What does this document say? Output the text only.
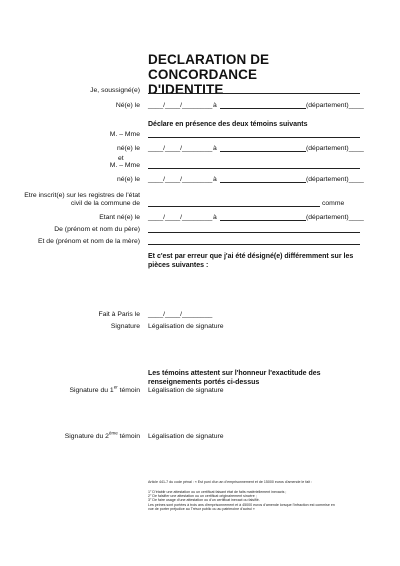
DECLARATION DE CONCORDANCE
D'IDENTITE
Je, soussigné(e)
Né(e) le ____/____/________ à	(département)____
Déclare en présence des deux témoins suivants
M. – Mme
né(e) le ____/____/________ à	(département)____
et
M. – Mme
né(e) le ____/____/________ à	(département)____
Etre inscrit(e) sur les registres de l'état
civil de la commune de	comme
Etant né(e) le ____/____/________ à	(département)____
De (prénom et nom du père)
Et de (prénom et nom de la mère)
Et c'est par erreur que j'ai été désigné(e) différemment sur les
pièces suivantes :
Fait à Paris le ____/____/________
Signature Légalisation de signature
Les témoins attestent sur l'honneur l'exactitude des
renseignements portés ci-dessus
Signature du 1er témoin Légalisation de signature
Signature du 2ème témoin Légalisation de signature
Article 441-7 du code pénal : « Est puni d'un an d'emprisonnement et de 15000 euros d'amende le fait :
1° D'établir une attestation ou un certificat faisant état de faits matériellement inexacts ;
2° De falsifier une attestation ou un certificat originairement sincère ;
3° De faire usage d'une attestation ou d'un certificat inexact ou falsifié.
Les peines sont portées à trois ans d'emprisonnement et à 45000 euros d'amende lorsque l'infraction est commise en
vue de porter préjudice au Trésor public ou au patrimoine d'autrui »
